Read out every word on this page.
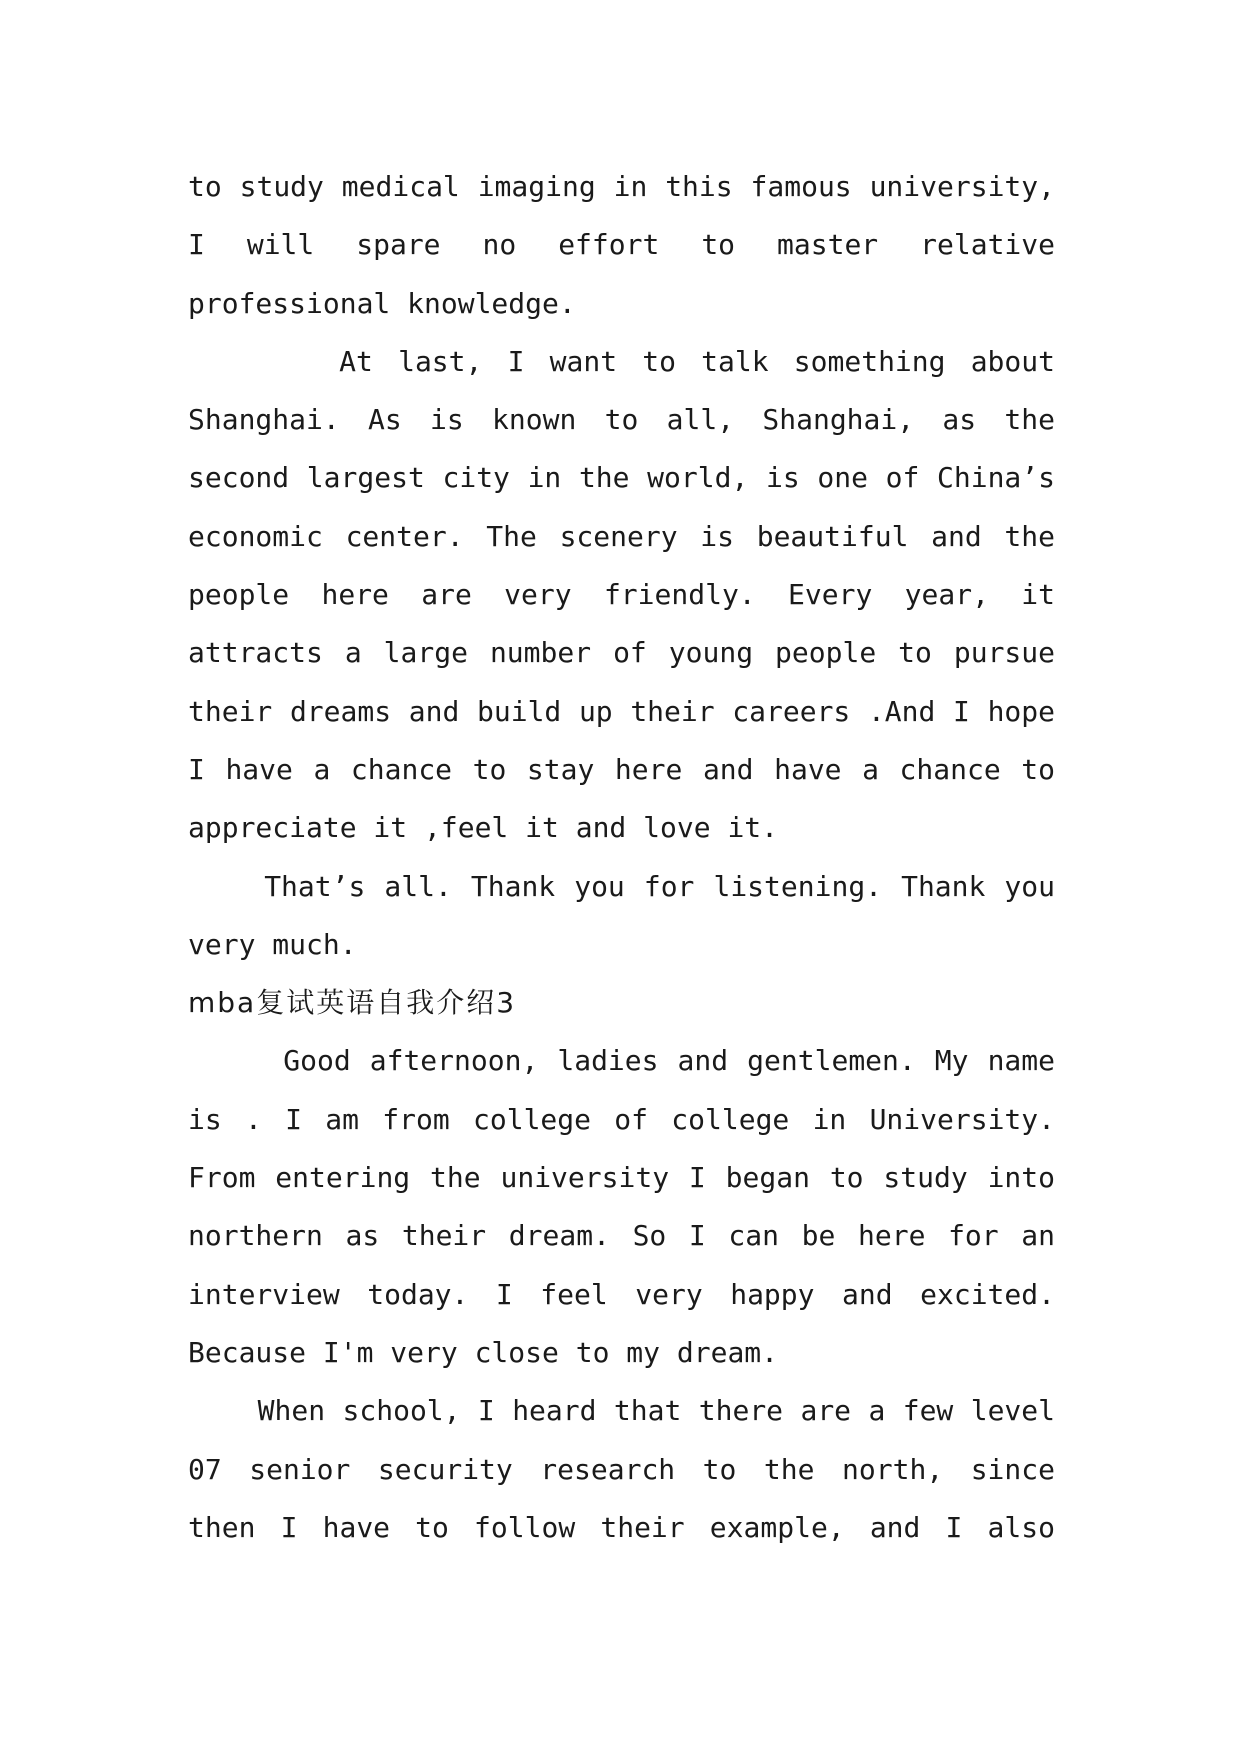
to study medical imaging in this famous university,
I will spare no effort to master relative
professional knowledge.
At last, I want to talk something about
Shanghai. As is known to all, Shanghai, as the
second largest city in the world, is one of China’s
economic center. The scenery is beautiful and the
people here are very friendly. Every year, it
attracts a large number of young people to pursue
their dreams and build up their careers .And I hope
I have a chance to stay here and have a chance to
appreciate it ,feel it and love it.
That’s all. Thank you for listening. Thank you
very much.
mba复试英语自我介绍3
Good afternoon, ladies and gentlemen. My name
is . I am from college of college in University.
From entering the university I began to study into
northern as their dream. So I can be here for an
interview today. I feel very happy and excited.
Because I'm very close to my dream.
When school, I heard that there are a few level
07 senior security research to the north, since
then I have to follow their example, and I also
